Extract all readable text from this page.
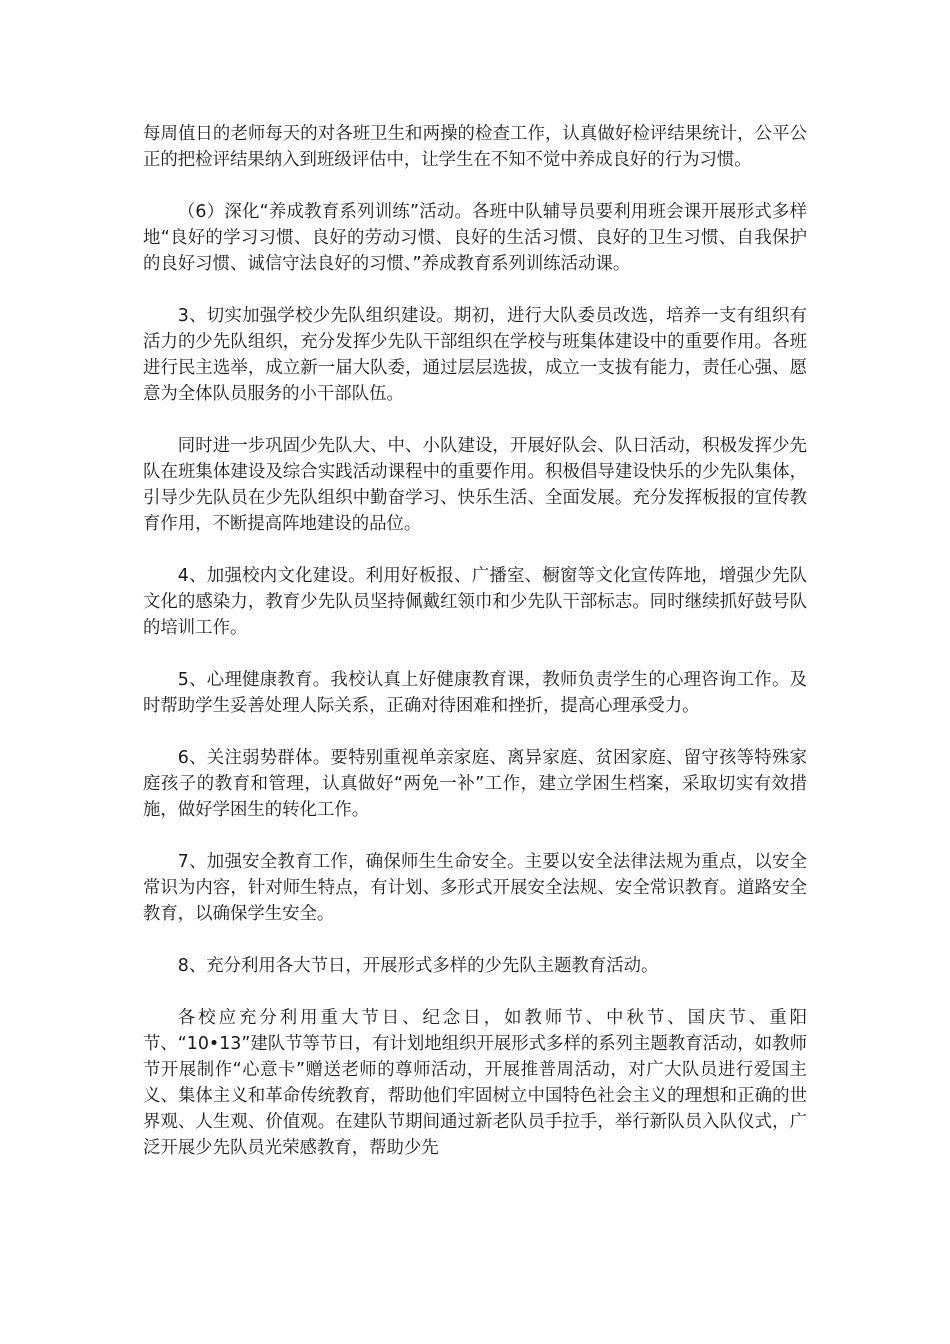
每周值日的老师每天的对各班卫生和两操的检查工作，认真做好检评结果统计，公平公正的把检评结果纳入到班级评估中，让学生在不知不觉中养成良好的行为习惯。

（6）深化“养成教育系列训练”活动。各班中队辅导员要利用班会课开展形式多样地“良好的学习习惯、良好的劳动习惯、良好的生活习惯、良好的卫生习惯、自我保护的良好习惯、诚信守法良好的习惯、”养成教育系列训练活动课。

3、切实加强学校少先队组织建设。期初，进行大队委员改选，培养一支有组织有活力的少先队组织，充分发挥少先队干部组织在学校与班集体建设中的重要作用。各班进行民主选举，成立新一届大队委，通过层层选拔，成立一支拔有能力，责任心强、愿意为全体队员服务的小干部队伍。

同时进一步巩固少先队大、中、小队建设，开展好队会、队日活动，积极发挥少先队在班集体建设及综合实践活动课程中的重要作用。积极倡导建设快乐的少先队集体，引导少先队员在少先队组织中勤奋学习、快乐生活、全面发展。充分发挥板报的宣传教育作用，不断提高阵地建设的品位。

4、加强校内文化建设。利用好板报、广播室、橱窗等文化宣传阵地，增强少先队文化的感染力，教育少先队员坚持佩戴红领巾和少先队干部标志。同时继续抓好鼓号队的培训工作。

5、心理健康教育。我校认真上好健康教育课，教师负责学生的心理咨询工作。及时帮助学生妥善处理人际关系，正确对待困难和挫折，提高心理承受力。

6、关注弱势群体。要特别重视单亲家庭、离异家庭、贫困家庭、留守孩等特殊家庭孩子的教育和管理，认真做好“两免一补”工作，建立学困生档案，采取切实有效措施，做好学困生的转化工作。

7、加强安全教育工作，确保师生生命安全。主要以安全法律法规为重点，以安全常识为内容，针对师生特点，有计划、多形式开展安全法规、安全常识教育。道路安全教育，以确保学生安全。

8、充分利用各大节日，开展形式多样的少先队主题教育活动。

各校应充分利用重大节日、纪念日，如教师节、中秋节、国庆节、重阳节、“10•13”建队节等节日，有计划地组织开展形式多样的系列主题教育活动，如教师节开展制作“心意卡”赠送老师的尊师活动，开展推普周活动，对广大队员进行爱国主义、集体主义和革命传统教育，帮助他们牢固树立中国特色社会主义的理想和正确的世界观、人生观、价值观。在建队节期间通过新老队员手拉手，举行新队员入队仪式，广泛开展少先队员光荣感教育，帮助少先
